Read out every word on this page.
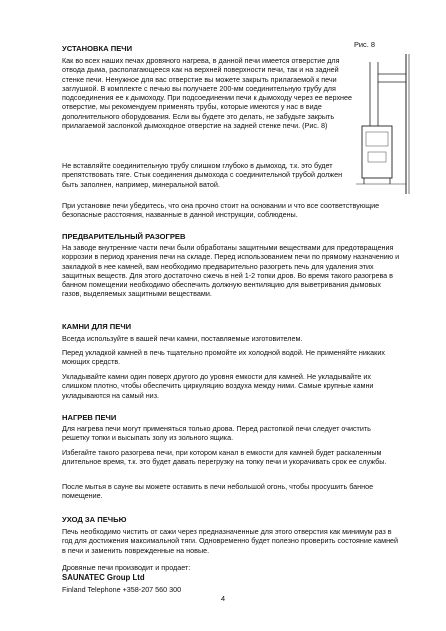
Рис. 8
УСТАНОВКА ПЕЧИ

Как во всех наших печах дровяного нагрева, в данной печи имеется отверстие для отвода дыма, располагающееся как на верхней поверхности печи, так и на задней стенке печи. Ненужное для вас отверстие вы можете закрыть прилагаемой к печи заглушкой. В комплекте с печью вы получаете 200-мм соединительную трубу для подсоединения ее к дымоходу. При подсоединении печи к дымоходу через ее верхнее отверстие, мы рекомендуем применять трубы, которые имеются у нас в виде дополнительного оборудования. Если вы будете это делать, не забудьте закрыть прилагаемой заслонкой дымоходное отверстие на задней стенке печи. (Рис. 8)

Не вставляйте соединительную трубу слишком глубоко в дымоход, т.к. это будет препятствовать тяге. Стык соединения дымохода с соединительной трубой должен быть заполнен, например, минеральной ватой.

При установке печи убедитесь, что она прочно стоит на основании и что все соответствующие безопасные расстояния, названные в данной инструкции, соблюдены.

ПРЕДВАРИТЕЛЬНЫЙ РАЗОГРЕВ

На заводе внутренние части печи были обработаны защитными веществами для предотвращения коррозии в период хранения печи на складе. Перед использованием печи по прямому назначению и закладкой в нее камней, вам необходимо предварительно разогреть печь для удаления этих защитных веществ. Для этого достаточно сжечь в ней 1-2 топки дров. Во время такого разогрева в банном помещении необходимо обеспечить должную вентиляцию для выветривания дымовых газов, выделяемых защитными веществами.

КАМНИ ДЛЯ ПЕЧИ

Всегда используйте в вашей печи камни, поставляемые изготовителем.

Перед укладкой камней в печь тщательно промойте их холодной водой. Не применяйте никаких моющих средств.

Укладывайте камни один поверх другого до уровня емкости для камней. Не укладывайте их слишком плотно, чтобы обеспечить циркуляцию воздуха между ними. Самые крупные камни укладываются на самый низ.

НАГРЕВ ПЕЧИ

Для нагрева печи могут применяться только дрова. Перед растопкой печи следует очистить решетку топки и высыпать золу из зольного ящика.

Избегайте такого разогрева печи, при котором канал в емкости для камней будет раскаленным длительное время, т.к. это будет давать перегрузку на топку печи и укорачивать срок ее службы.

После мытья в сауне вы можете оставить в печи небольшой огонь, чтобы просушить банное помещение.

УХОД ЗА ПЕЧЬЮ

Печь необходимо чистить от сажи через предназначенные для этого отверстия как минимум раз в год для достижения максимальной тяги. Одновременно будет полезно проверить состояние камней в печи и заменить поврежденные на новые.

Дровяные печи производит и продает:

SAUNATEC Group Ltd

Finland Telephone +358-207 560 300

4
